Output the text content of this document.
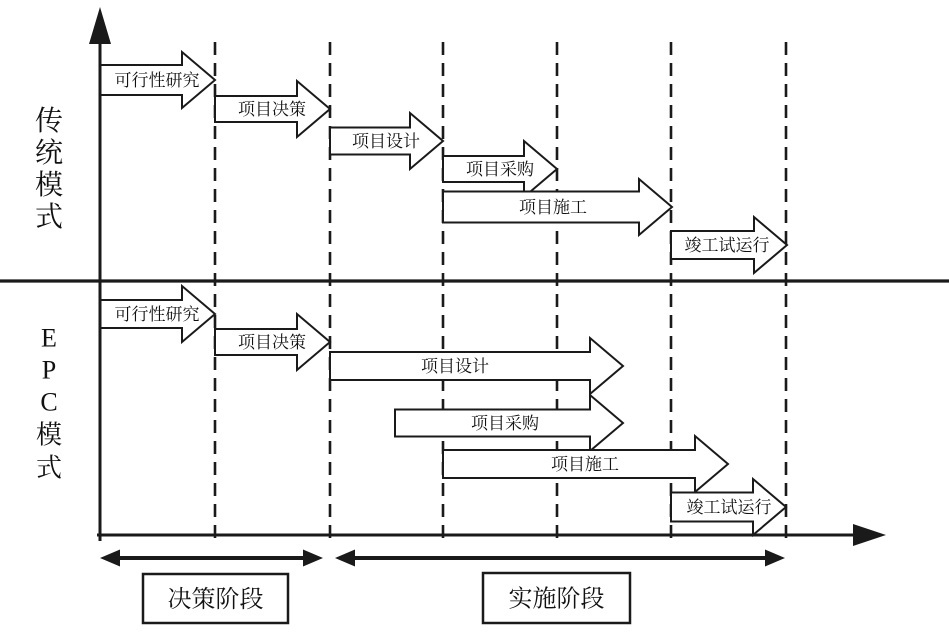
可行性研究
项目决策
项目设计
项目采购
项目施工
竣工试运行
传
统
模
式
可行性研究
项目决策
项目设计
项目采购
项目施工
竣工试运行
E
P
C
模
式
决策阶段	实施阶段
